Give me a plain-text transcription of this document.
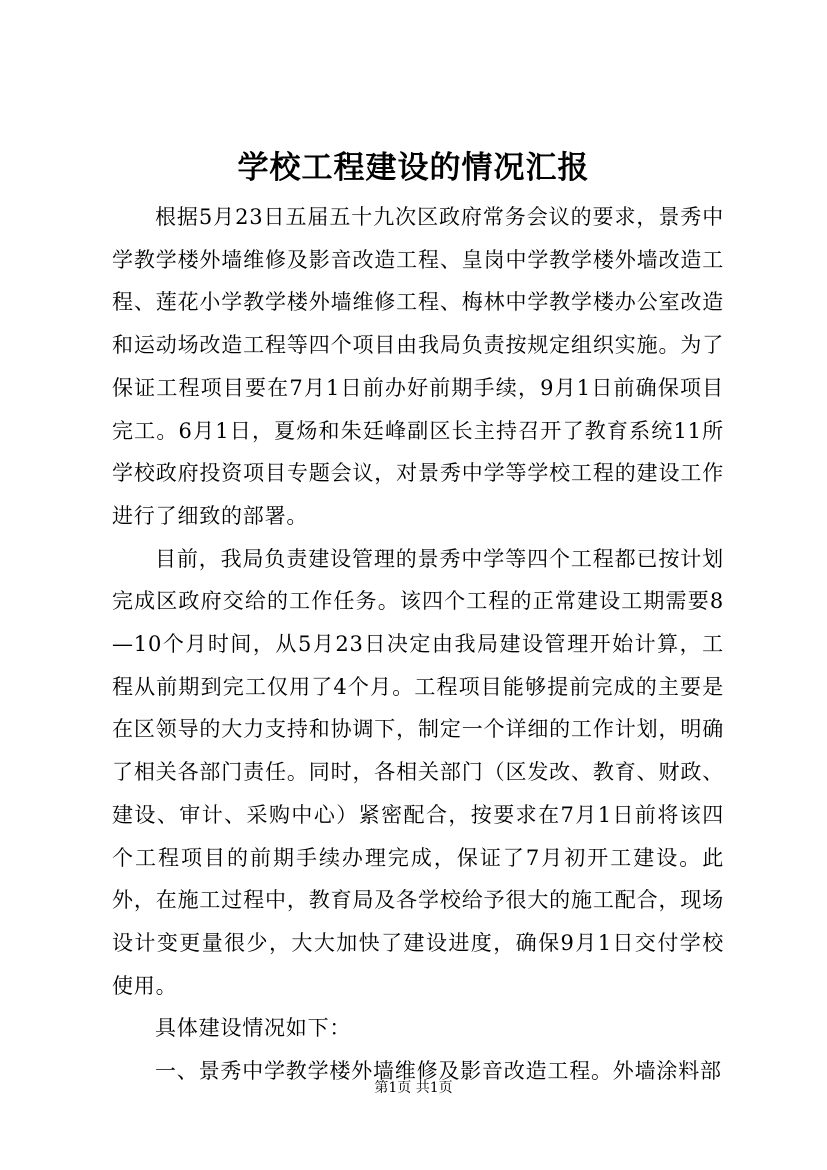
学校工程建设的情况汇报

根据5月23日五届五十九次区政府常务会议的要求，景秀中学教学楼外墙维修及影音改造工程、皇岗中学教学楼外墙改造工程、莲花小学教学楼外墙维修工程、梅林中学教学楼办公室改造和运动场改造工程等四个项目由我局负责按规定组织实施。为了保证工程项目要在7月1日前办好前期手续，9月1日前确保项目完工。6月1日，夏炀和朱廷峰副区长主持召开了教育系统11所学校政府投资项目专题会议，对景秀中学等学校工程的建设工作进行了细致的部署。

目前，我局负责建设管理的景秀中学等四个工程都已按计划完成区政府交给的工作任务。该四个工程的正常建设工期需要8—10个月时间，从5月23日决定由我局建设管理开始计算，工程从前期到完工仅用了4个月。工程项目能够提前完成的主要是在区领导的大力支持和协调下，制定一个详细的工作计划，明确了相关各部门责任。同时，各相关部门（区发改、教育、财政、建设、审计、采购中心）紧密配合，按要求在7月1日前将该四个工程项目的前期手续办理完成，保证了7月初开工建设。此外，在施工过程中，教育局及各学校给予很大的施工配合，现场设计变更量很少，大大加快了建设进度，确保9月1日交付学校使用。

具体建设情况如下：

一、景秀中学教学楼外墙维修及影音改造工程。外墙涂料部

第1页 共1页
